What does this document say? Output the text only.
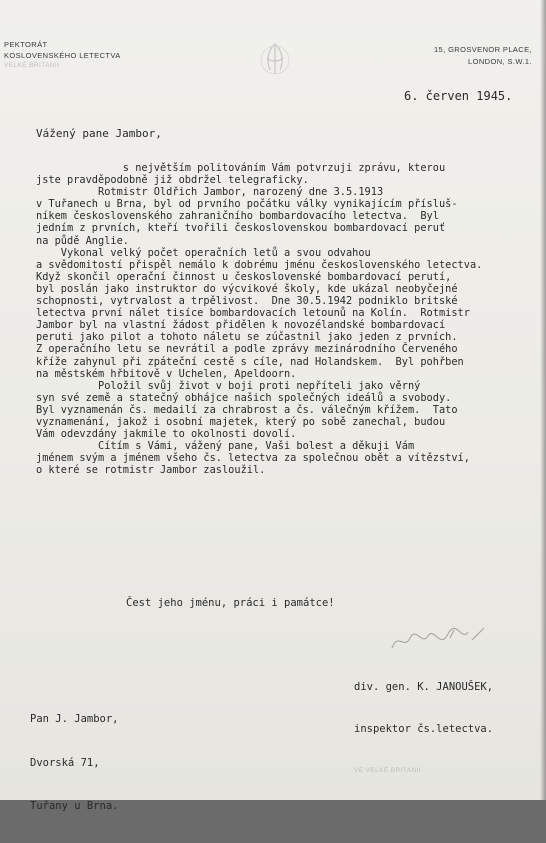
PEKTORÁT
KOSLOVENSKÉHO LETECTVA
VELKÉ BRITANII
15, GROSVENOR PLACE,
LONDON, S.W.1.
6. červen 1945.
Vážený pane Jambor,
s největším politováním Vám potvrzuji zprávu, kterou
jste pravděpodobně již obdržel telegraficky.
Rotmistr Oldřich Jambor, narozený dne 3.5.1913
v Tuřanech u Brna, byl od prvního počátku války vynikajícím přísluš-
níkem československého zahraničního bombardovacího letectva.  Byl
jedním z prvních, kteří tvořili československou bombardovací peruť
na půdě Anglie.
Vykonal velký počet operačních letů a svou odvahou
a svědomitostí přispěl nemálo k dobrému jménu československého letectva.
Když skončil operační činnost u československé bombardovací perutí,
byl poslán jako instruktor do výcvikové školy, kde ukázal neobyčejné
schopnosti, vytrvalost a trpělivost.  Dne 30.5.1942 podniklo britské
letectva první nálet tisíce bombardovacích letounů na Kolín.  Rotmistr
Jambor byl na vlastní žádost přidělen k novozélandské bombardovací
peruti jako pilot a tohoto náletu se zúčastnil jako jeden z prvních.
Z operačního letu se nevrátil a podle zprávy mezinárodního Červeného
kříže zahynul při zpáteční cestě s cíle, nad Holandskem.  Byl pohřben
na městském hřbitově v Uchelen, Apeldoorn.
Položil svůj život v boji proti nepříteli jako věrný
syn své země a statečný obhájce našich společných ideálů a svobody.
Byl vyznamenán čs. medailí za chrabrost a čs. válečným křížem.  Tato
vyznamenání, jakož i osobní majetek, který po sobě zanechal, budou
Vám odevzdány jakmile to okolnosti dovolí.
Cítím s Vámi, vážený pane, Vaši bolest a děkuji Vám
jménem svým a jménem všeho čs. letectva za společnou obět a vítězství,
o které se rotmistr Jambor zasloužil.
Čest jeho jménu, práci i památce!

div. gen. K. JANOUŠEK,

inspektor čs.letectva.

VE VELKÉ BRITANII

Pan J. Jambor,

Dvorská 71,

Tuřany u Brna.
